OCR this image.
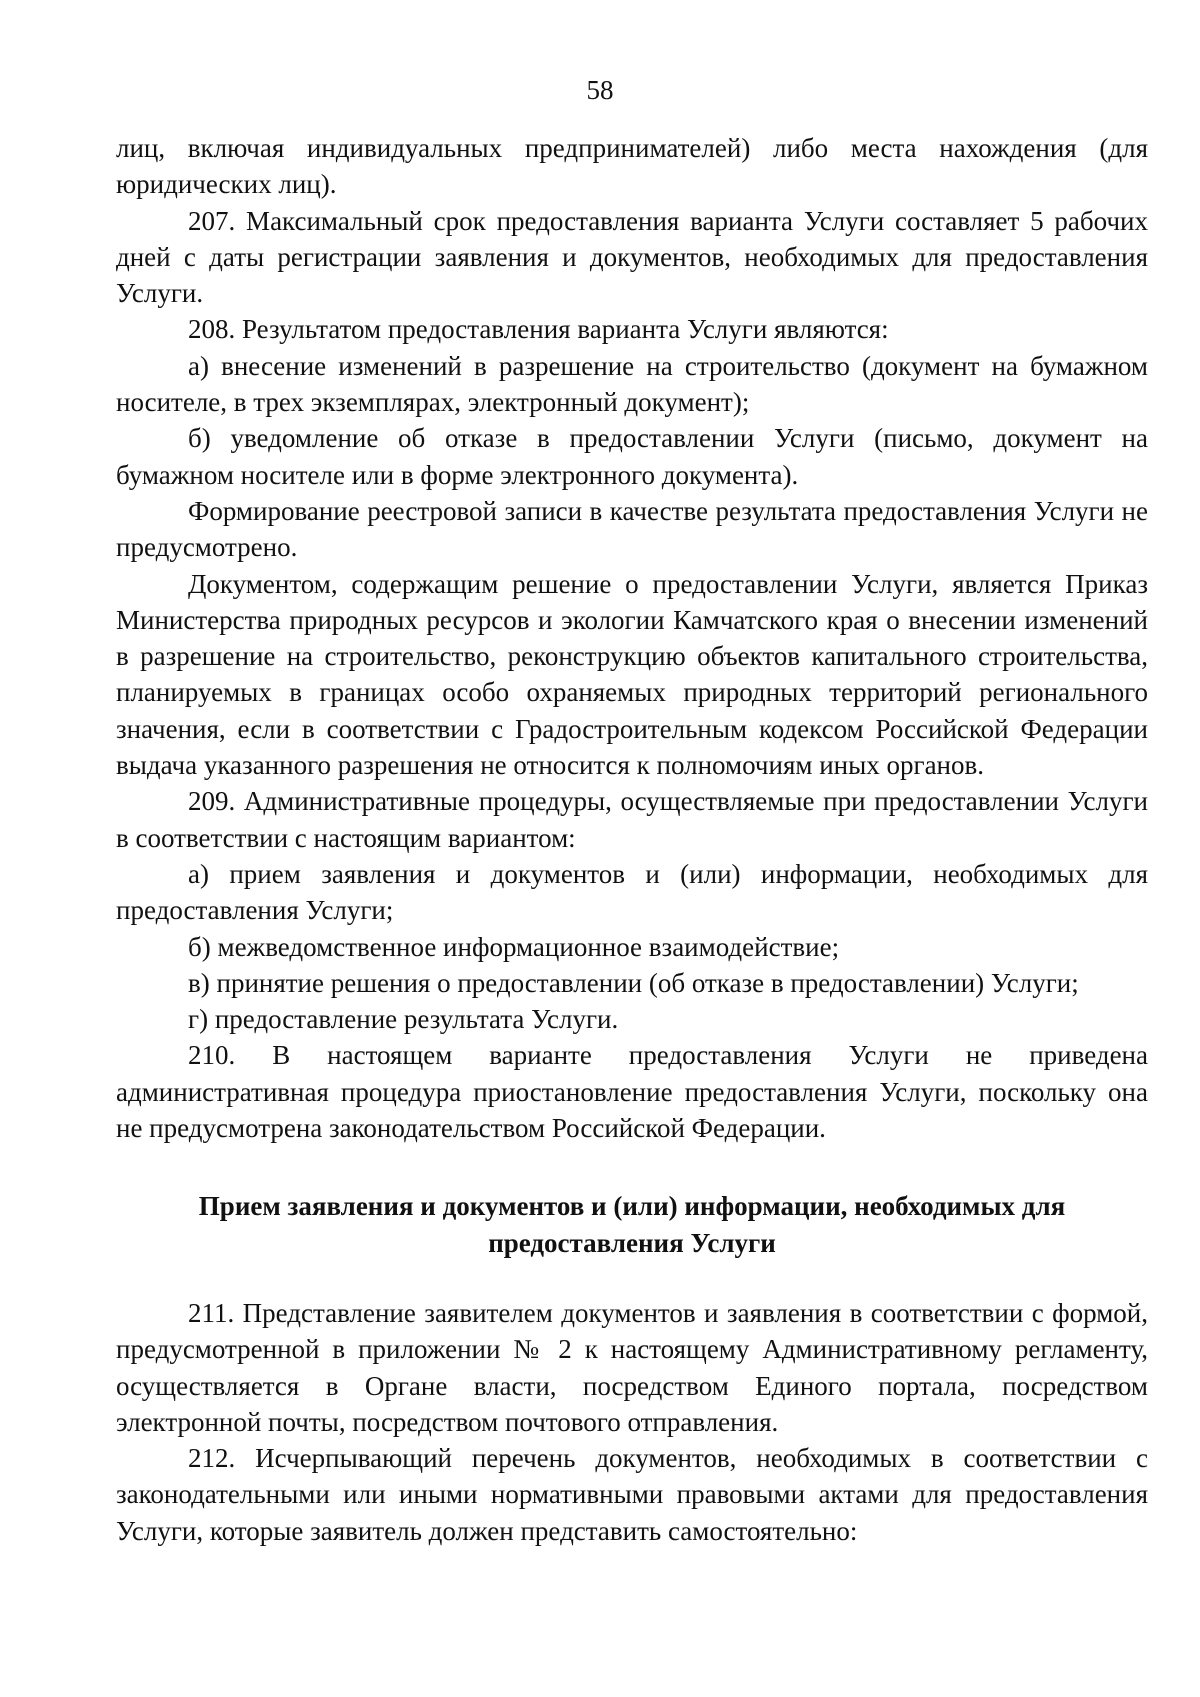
58

лиц, включая индивидуальных предпринимателей) либо места нахождения (для юридических лиц).

207. Максимальный срок предоставления варианта Услуги составляет 5 рабочих дней с даты регистрации заявления и документов, необходимых для предоставления Услуги.

208. Результатом предоставления варианта Услуги являются:

а) внесение изменений в разрешение на строительство (документ на бумажном носителе, в трех экземплярах, электронный документ);

б) уведомление об отказе в предоставлении Услуги (письмо, документ на бумажном носителе или в форме электронного документа).

Формирование реестровой записи в качестве результата предоставления Услуги не предусмотрено.

Документом, содержащим решение о предоставлении Услуги, является Приказ Министерства природных ресурсов и экологии Камчатского края о внесении изменений в разрешение на строительство, реконструкцию объектов капитального строительства, планируемых в границах особо охраняемых природных территорий регионального значения, если в соответствии с Градостроительным кодексом Российской Федерации выдача указанного разрешения не относится к полномочиям иных органов.

209. Административные процедуры, осуществляемые при предоставлении Услуги в соответствии с настоящим вариантом:

а) прием заявления и документов и (или) информации, необходимых для предоставления Услуги;

б) межведомственное информационное взаимодействие;

в) принятие решения о предоставлении (об отказе в предоставлении) Услуги;

г) предоставление результата Услуги.

210. В настоящем варианте предоставления Услуги не приведена административная процедура приостановление предоставления Услуги, поскольку она не предусмотрена законодательством Российской Федерации.

Прием заявления и документов и (или) информации, необходимых для предоставления Услуги

211. Представление заявителем документов и заявления в соответствии с формой, предусмотренной в приложении № 2 к настоящему Административному регламенту, осуществляется в Органе власти, посредством Единого портала, посредством электронной почты, посредством почтового отправления.

212. Исчерпывающий перечень документов, необходимых в соответствии с законодательными или иными нормативными правовыми актами для предоставления Услуги, которые заявитель должен представить самостоятельно:
